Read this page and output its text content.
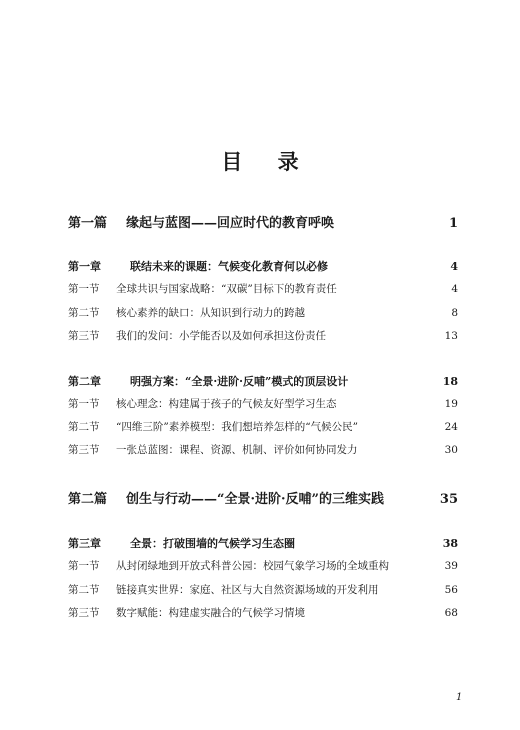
目 录
第一篇	缘起与蓝图——回应时代的教育呼唤	1
第一章	联结未来的课题：气候变化教育何以必修	4
第一节	全球共识与国家战略：“双碳”目标下的教育责任	4
第二节	核心素养的缺口：从知识到行动力的跨越	8
第三节	我们的发问：小学能否以及如何承担这份责任	13
第二章	明强方案：“全景·进阶·反哺”模式的顶层设计	18
第一节	核心理念：构建属于孩子的气候友好型学习生态	19
第二节	“四维三阶”素养模型：我们想培养怎样的“气候公民”	24
第三节	一张总蓝图：课程、资源、机制、评价如何协同发力	30
第二篇	创生与行动——“全景·进阶·反哺”的三维实践	35
第三章	全景：打破围墙的气候学习生态圈	38
第一节	从封闭绿地到开放式科普公园：校园气象学习场的全域重构	39
第二节	链接真实世界：家庭、社区与大自然资源场域的开发利用	56
第三节	数字赋能：构建虚实融合的气候学习情境	68
1
